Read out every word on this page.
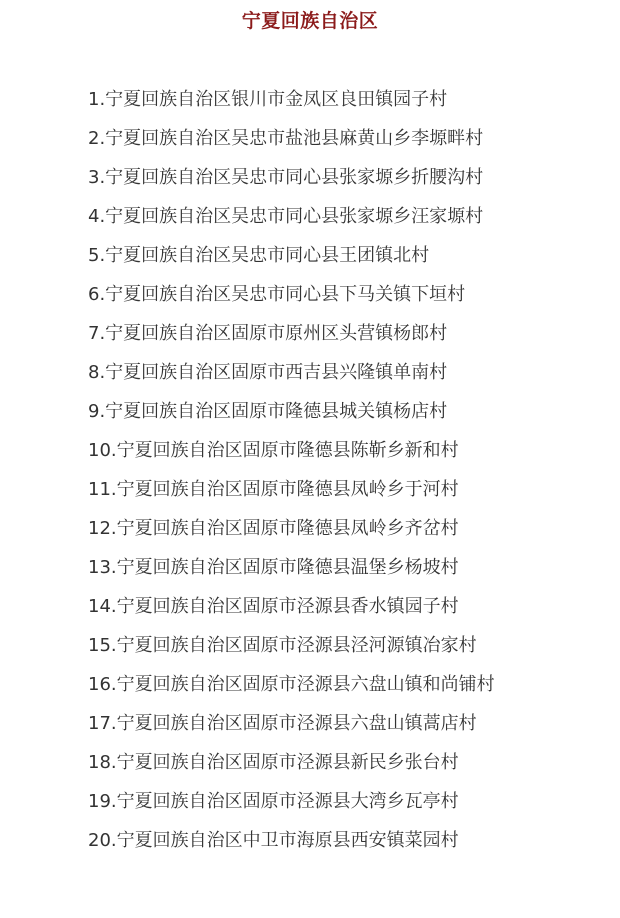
宁夏回族自治区
1.宁夏回族自治区银川市金凤区良田镇园子村
2.宁夏回族自治区吴忠市盐池县麻黄山乡李塬畔村
3.宁夏回族自治区吴忠市同心县张家塬乡折腰沟村
4.宁夏回族自治区吴忠市同心县张家塬乡汪家塬村
5.宁夏回族自治区吴忠市同心县王团镇北村
6.宁夏回族自治区吴忠市同心县下马关镇下垣村
7.宁夏回族自治区固原市原州区头营镇杨郎村
8.宁夏回族自治区固原市西吉县兴隆镇单南村
9.宁夏回族自治区固原市隆德县城关镇杨店村
10.宁夏回族自治区固原市隆德县陈靳乡新和村
11.宁夏回族自治区固原市隆德县凤岭乡于河村
12.宁夏回族自治区固原市隆德县凤岭乡齐岔村
13.宁夏回族自治区固原市隆德县温堡乡杨坡村
14.宁夏回族自治区固原市泾源县香水镇园子村
15.宁夏回族自治区固原市泾源县泾河源镇冶家村
16.宁夏回族自治区固原市泾源县六盘山镇和尚铺村
17.宁夏回族自治区固原市泾源县六盘山镇蒿店村
18.宁夏回族自治区固原市泾源县新民乡张台村
19.宁夏回族自治区固原市泾源县大湾乡瓦亭村
20.宁夏回族自治区中卫市海原县西安镇菜园村
